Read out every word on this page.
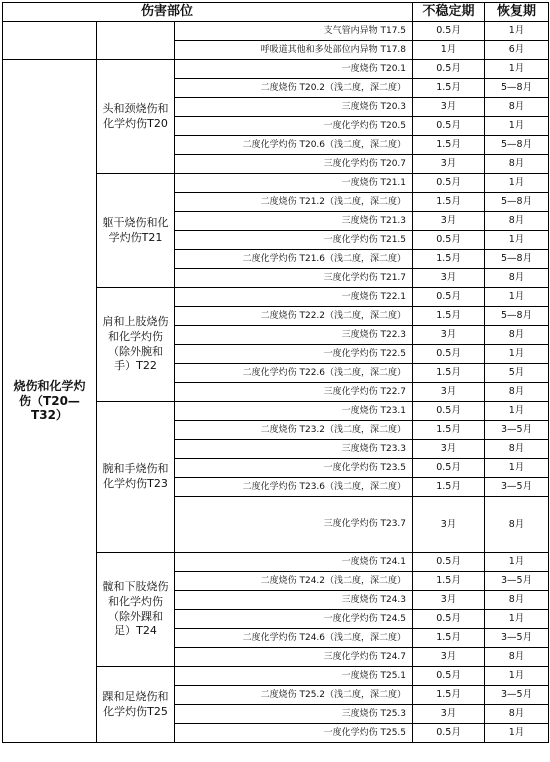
伤害部位			不稳定期	恢复期
		支气管内异物 T17.5	0.5月	1月
		呼吸道其他和多处部位内异物 T17.8	1月	6月
烧伤和化学灼伤（T20—T32）	头和颈烧伤和化学灼伤T20	一度烧伤 T20.1	0.5月	1月
		二度烧伤 T20.2（浅二度，深二度）	1.5月	5—8月
		三度烧伤 T20.3	3月	8月
		一度化学灼伤 T20.5	0.5月	1月
		二度化学灼伤 T20.6（浅二度，深二度）	1.5月	5—8月
		三度化学灼伤 T20.7	3月	8月
	躯干烧伤和化学灼伤T21	一度烧伤 T21.1	0.5月	1月
		二度烧伤 T21.2（浅二度，深二度）	1.5月	5—8月
		三度烧伤 T21.3	3月	8月
		一度化学灼伤 T21.5	0.5月	1月
		二度化学灼伤 T21.6（浅二度，深二度）	1.5月	5—8月
		三度化学灼伤 T21.7	3月	8月
	肩和上肢烧伤和化学灼伤（除外腕和手）T22	一度烧伤 T22.1	0.5月	1月
		二度烧伤 T22.2（浅二度，深二度）	1.5月	5—8月
		三度烧伤 T22.3	3月	8月
		一度化学灼伤 T22.5	0.5月	1月
		二度化学灼伤 T22.6（浅二度，深二度）	1.5月	5月
		三度化学灼伤 T22.7	3月	8月
	腕和手烧伤和化学灼伤T23	一度烧伤 T23.1	0.5月	1月
		二度烧伤 T23.2（浅二度，深二度）	1.5月	3—5月
		三度烧伤 T23.3	3月	8月
		一度化学灼伤 T23.5	0.5月	1月
		二度化学灼伤 T23.6（浅二度，深二度）	1.5月	3—5月
		三度化学灼伤 T23.7	3月	8月
	髋和下肢烧伤和化学灼伤（除外踝和足）T24	一度烧伤 T24.1	0.5月	1月
		二度烧伤 T24.2（浅二度，深二度）	1.5月	3—5月
		三度烧伤 T24.3	3月	8月
		一度化学灼伤 T24.5	0.5月	1月
		二度化学灼伤 T24.6（浅二度，深二度）	1.5月	3—5月
		三度化学灼伤 T24.7	3月	8月
	踝和足烧伤和化学灼伤T25	一度烧伤 T25.1	0.5月	1月
		二度烧伤 T25.2（浅二度，深二度）	1.5月	3—5月
		三度烧伤 T25.3	3月	8月
		一度化学灼伤 T25.5	0.5月	1月
